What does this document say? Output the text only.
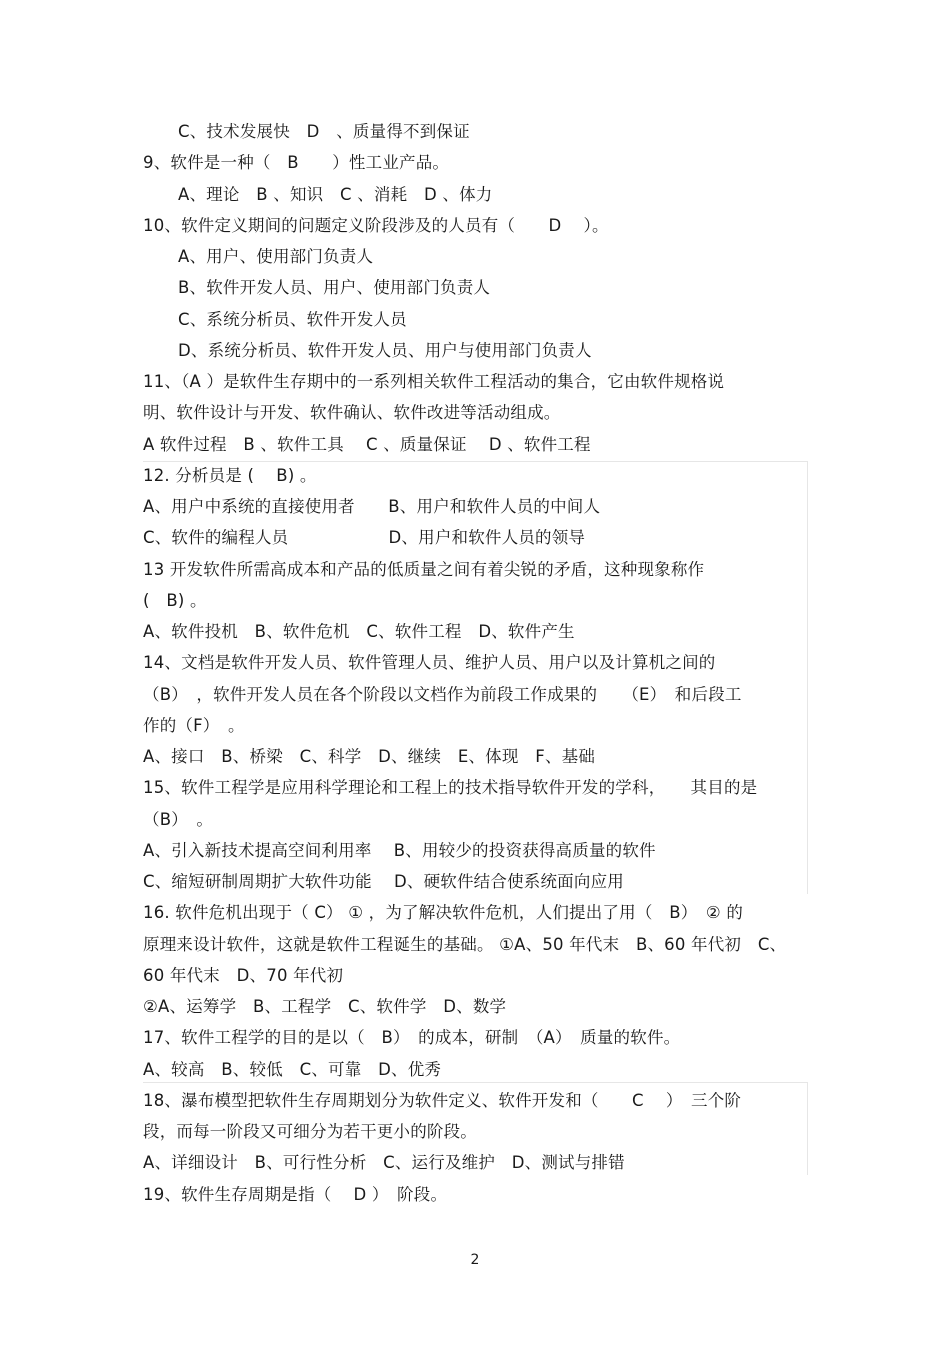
C、技术发展快　D　、质量得不到保证
9、软件是一种（　B　　）性工业产品。
A、理论　B 、知识　C 、消耗　D 、体力
10、软件定义期间的问题定义阶段涉及的人员有（　　D　 ）。
A、用户、使用部门负责人
B、软件开发人员、用户、使用部门负责人
C、系统分析员、软件开发人员
D、系统分析员、软件开发人员、用户与使用部门负责人
11、（A ）是软件生存期中的一系列相关软件工程活动的集合，它由软件规格说
明、软件设计与开发、软件确认、软件改进等活动组成。
A 软件过程　B 、软件工具　 C 、质量保证　 D 、软件工程
12. 分析员是 (　 B) 。
A、用户中系统的直接使用者　　B、用户和软件人员的中间人
C、软件的编程人员　　　　　　D、用户和软件人员的领导
13 开发软件所需高成本和产品的低质量之间有着尖锐的矛盾，这种现象称作
(　B) 。
A、软件投机　B、软件危机　C、软件工程　D、软件产生
14、文档是软件开发人员、软件管理人员、维护人员、用户以及计算机之间的
（B）　，软件开发人员在各个阶段以文档作为前段工作成果的　　（E）　和后段工
作的（F）　。
A、接口　B、桥梁　C、科学　D、继续　E、体现　F、基础
15、软件工程学是应用科学理论和工程上的技术指导软件开发的学科，　　其目的是
（B）　。
A、引入新技术提高空间利用率　 B、用较少的投资获得高质量的软件
C、缩短研制周期扩大软件功能　 D、硬软件结合使系统面向应用
16. 软件危机出现于（ C） ① ，为了解决软件危机，人们提出了用（　B）　② 的
原理来设计软件，这就是软件工程诞生的基础。 ①A、50 年代末　B、60 年代初　C、
60 年代末　D、70 年代初
②A、运筹学　B、工程学　C、软件学　D、数学
17、软件工程学的目的是以（　B）　的成本，研制　（A）　质量的软件。
A、较高　B、较低　C、可靠　D、优秀
18、瀑布模型把软件生存周期划分为软件定义、软件开发和（　　C　 ）　三个阶
段，而每一阶段又可细分为若干更小的阶段。
A、详细设计　B、可行性分析　C、运行及维护　D、测试与排错
19、软件生存周期是指（　 D ）　阶段。
2
